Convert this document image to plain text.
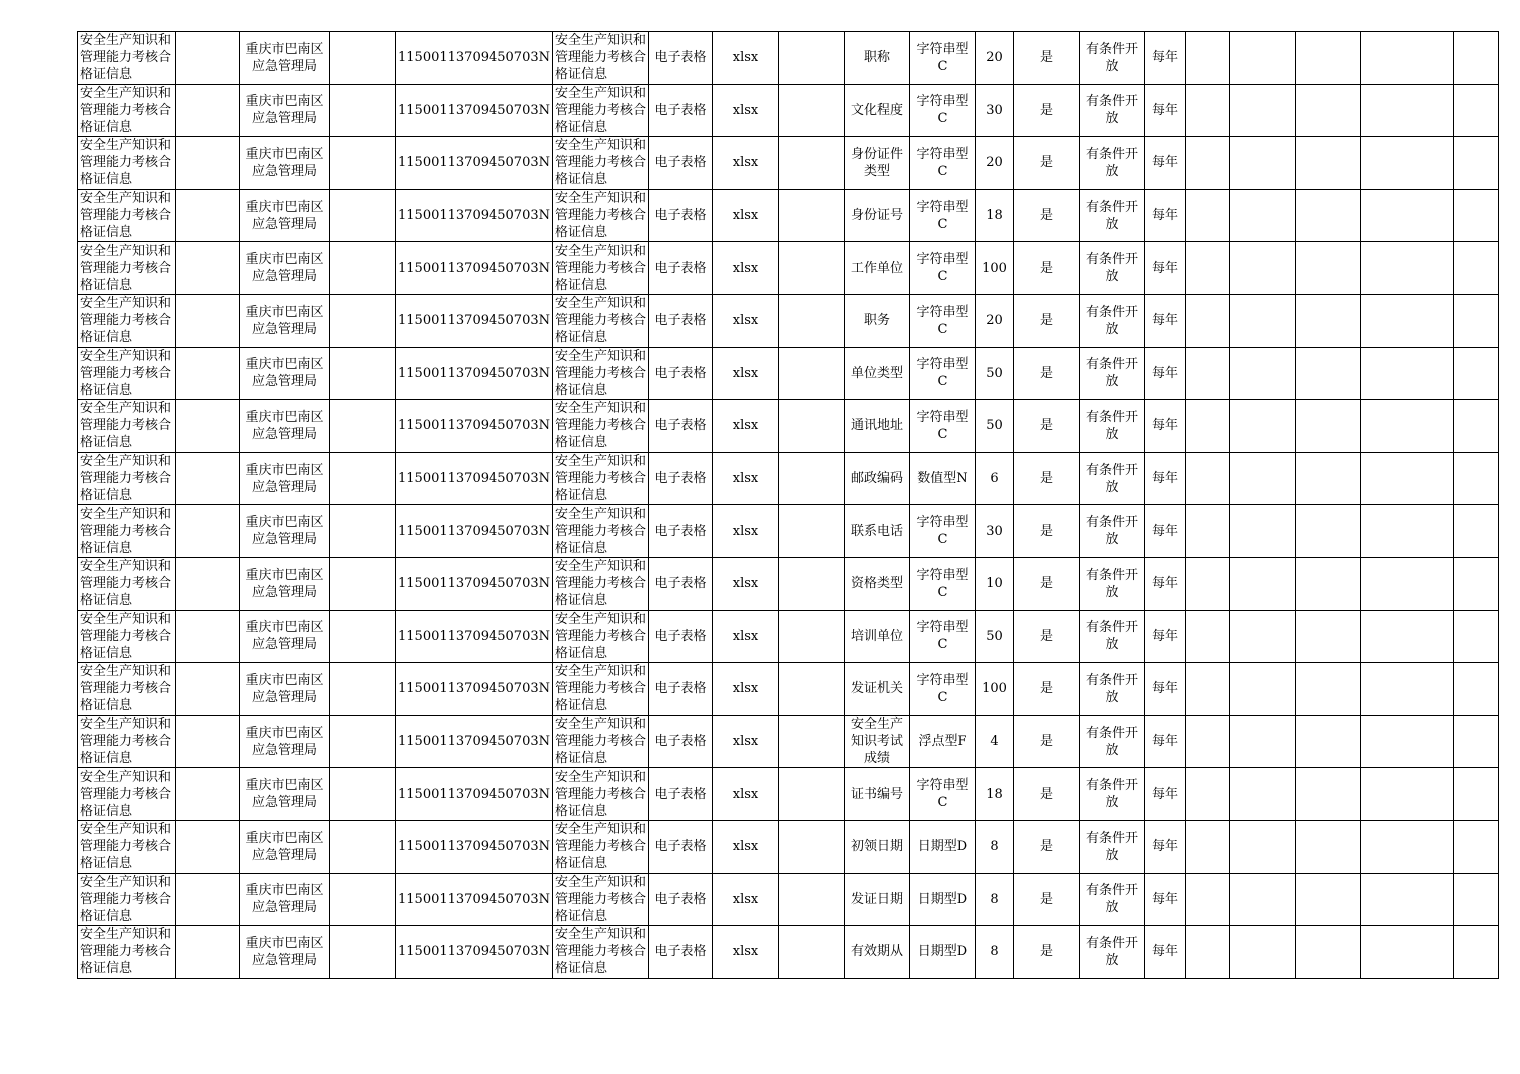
安全生产知识和管理能力考核合格证信息		重庆市巴南区应急管理局		11500113709450703N	安全生产知识和管理能力考核合格证信息	电子表格	xlsx		职称	字符串型C	20	是	有条件开放	每年					
安全生产知识和管理能力考核合格证信息		重庆市巴南区应急管理局		11500113709450703N	安全生产知识和管理能力考核合格证信息	电子表格	xlsx		文化程度	字符串型C	30	是	有条件开放	每年					
安全生产知识和管理能力考核合格证信息		重庆市巴南区应急管理局		11500113709450703N	安全生产知识和管理能力考核合格证信息	电子表格	xlsx		身份证件类型	字符串型C	20	是	有条件开放	每年					
安全生产知识和管理能力考核合格证信息		重庆市巴南区应急管理局		11500113709450703N	安全生产知识和管理能力考核合格证信息	电子表格	xlsx		身份证号	字符串型C	18	是	有条件开放	每年					
安全生产知识和管理能力考核合格证信息		重庆市巴南区应急管理局		11500113709450703N	安全生产知识和管理能力考核合格证信息	电子表格	xlsx		工作单位	字符串型C	100	是	有条件开放	每年					
安全生产知识和管理能力考核合格证信息		重庆市巴南区应急管理局		11500113709450703N	安全生产知识和管理能力考核合格证信息	电子表格	xlsx		职务	字符串型C	20	是	有条件开放	每年					
安全生产知识和管理能力考核合格证信息		重庆市巴南区应急管理局		11500113709450703N	安全生产知识和管理能力考核合格证信息	电子表格	xlsx		单位类型	字符串型C	50	是	有条件开放	每年					
安全生产知识和管理能力考核合格证信息		重庆市巴南区应急管理局		11500113709450703N	安全生产知识和管理能力考核合格证信息	电子表格	xlsx		通讯地址	字符串型C	50	是	有条件开放	每年					
安全生产知识和管理能力考核合格证信息		重庆市巴南区应急管理局		11500113709450703N	安全生产知识和管理能力考核合格证信息	电子表格	xlsx		邮政编码	数值型N	6	是	有条件开放	每年					
安全生产知识和管理能力考核合格证信息		重庆市巴南区应急管理局		11500113709450703N	安全生产知识和管理能力考核合格证信息	电子表格	xlsx		联系电话	字符串型C	30	是	有条件开放	每年					
安全生产知识和管理能力考核合格证信息		重庆市巴南区应急管理局		11500113709450703N	安全生产知识和管理能力考核合格证信息	电子表格	xlsx		资格类型	字符串型C	10	是	有条件开放	每年					
安全生产知识和管理能力考核合格证信息		重庆市巴南区应急管理局		11500113709450703N	安全生产知识和管理能力考核合格证信息	电子表格	xlsx		培训单位	字符串型C	50	是	有条件开放	每年					
安全生产知识和管理能力考核合格证信息		重庆市巴南区应急管理局		11500113709450703N	安全生产知识和管理能力考核合格证信息	电子表格	xlsx		发证机关	字符串型C	100	是	有条件开放	每年					
安全生产知识和管理能力考核合格证信息		重庆市巴南区应急管理局		11500113709450703N	安全生产知识和管理能力考核合格证信息	电子表格	xlsx		安全生产知识考试成绩	浮点型F	4	是	有条件开放	每年					
安全生产知识和管理能力考核合格证信息		重庆市巴南区应急管理局		11500113709450703N	安全生产知识和管理能力考核合格证信息	电子表格	xlsx		证书编号	字符串型C	18	是	有条件开放	每年					
安全生产知识和管理能力考核合格证信息		重庆市巴南区应急管理局		11500113709450703N	安全生产知识和管理能力考核合格证信息	电子表格	xlsx		初领日期	日期型D	8	是	有条件开放	每年					
安全生产知识和管理能力考核合格证信息		重庆市巴南区应急管理局		11500113709450703N	安全生产知识和管理能力考核合格证信息	电子表格	xlsx		发证日期	日期型D	8	是	有条件开放	每年					
安全生产知识和管理能力考核合格证信息		重庆市巴南区应急管理局		11500113709450703N	安全生产知识和管理能力考核合格证信息	电子表格	xlsx		有效期从	日期型D	8	是	有条件开放	每年					
